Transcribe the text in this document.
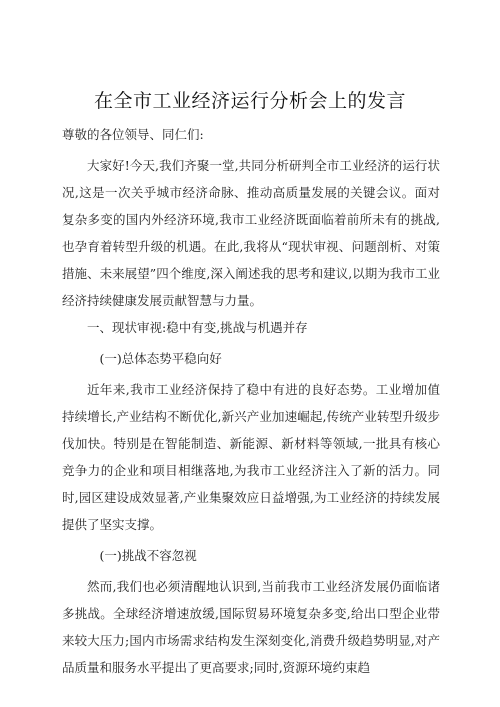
在全市工业经济运行分析会上的发言

尊敬的各位领导、同仁们:

大家好!今天,我们齐聚一堂,共同分析研判全市工业经济的运行状况,这是一次关乎城市经济命脉、推动高质量发展的关键会议。面对复杂多变的国内外经济环境,我市工业经济既面临着前所未有的挑战,也孕育着转型升级的机遇。在此,我将从“现状审视、问题剖析、对策措施、未来展望”四个维度,深入阐述我的思考和建议,以期为我市工业经济持续健康发展贡献智慧与力量。

一、现状审视:稳中有变,挑战与机遇并存

(一)总体态势平稳向好

近年来,我市工业经济保持了稳中有进的良好态势。工业增加值持续增长,产业结构不断优化,新兴产业加速崛起,传统产业转型升级步伐加快。特别是在智能制造、新能源、新材料等领域,一批具有核心竞争力的企业和项目相继落地,为我市工业经济注入了新的活力。同时,园区建设成效显著,产业集聚效应日益增强,为工业经济的持续发展提供了坚实支撑。

(一)挑战不容忽视

然而,我们也必须清醒地认识到,当前我市工业经济发展仍面临诸多挑战。全球经济增速放缓,国际贸易环境复杂多变,给出口型企业带来较大压力;国内市场需求结构发生深刻变化,消费升级趋势明显,对产品质量和服务水平提出了更高要求;同时,资源环境约束趋
